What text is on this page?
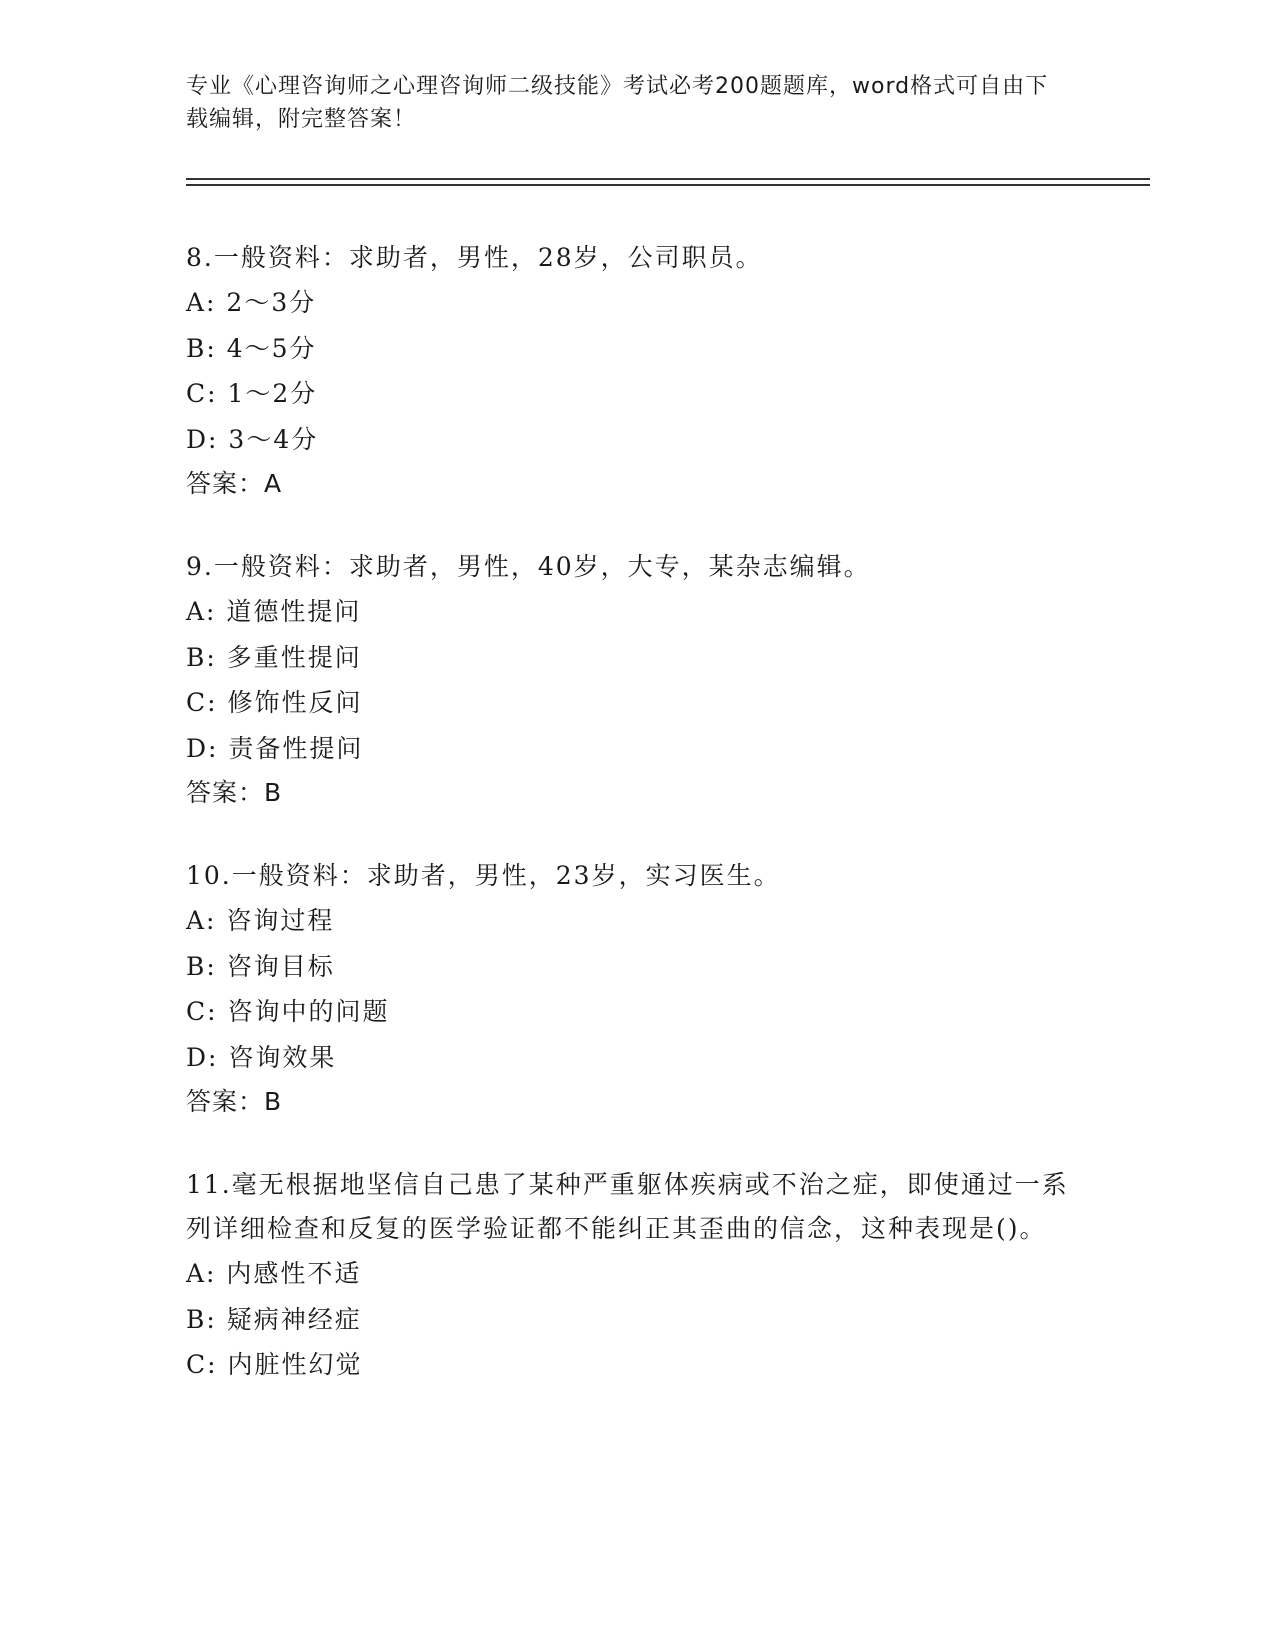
专业《心理咨询师之心理咨询师二级技能》考试必考200题题库，word格式可自由下载编辑，附完整答案！

8.一般资料：求助者，男性，28岁，公司职员。

A: 2～3分

B: 4～5分

C: 1～2分

D: 3～4分

答案：A

9.一般资料：求助者，男性，40岁，大专，某杂志编辑。

A: 道德性提问

B: 多重性提问

C: 修饰性反问

D: 责备性提问

答案：B

10.一般资料：求助者，男性，23岁，实习医生。

A: 咨询过程

B: 咨询目标

C: 咨询中的问题

D: 咨询效果

答案：B

11.毫无根据地坚信自己患了某种严重躯体疾病或不治之症，即使通过一系列详细检查和反复的医学验证都不能纠正其歪曲的信念，这种表现是()。

A: 内感性不适

B: 疑病神经症

C: 内脏性幻觉
